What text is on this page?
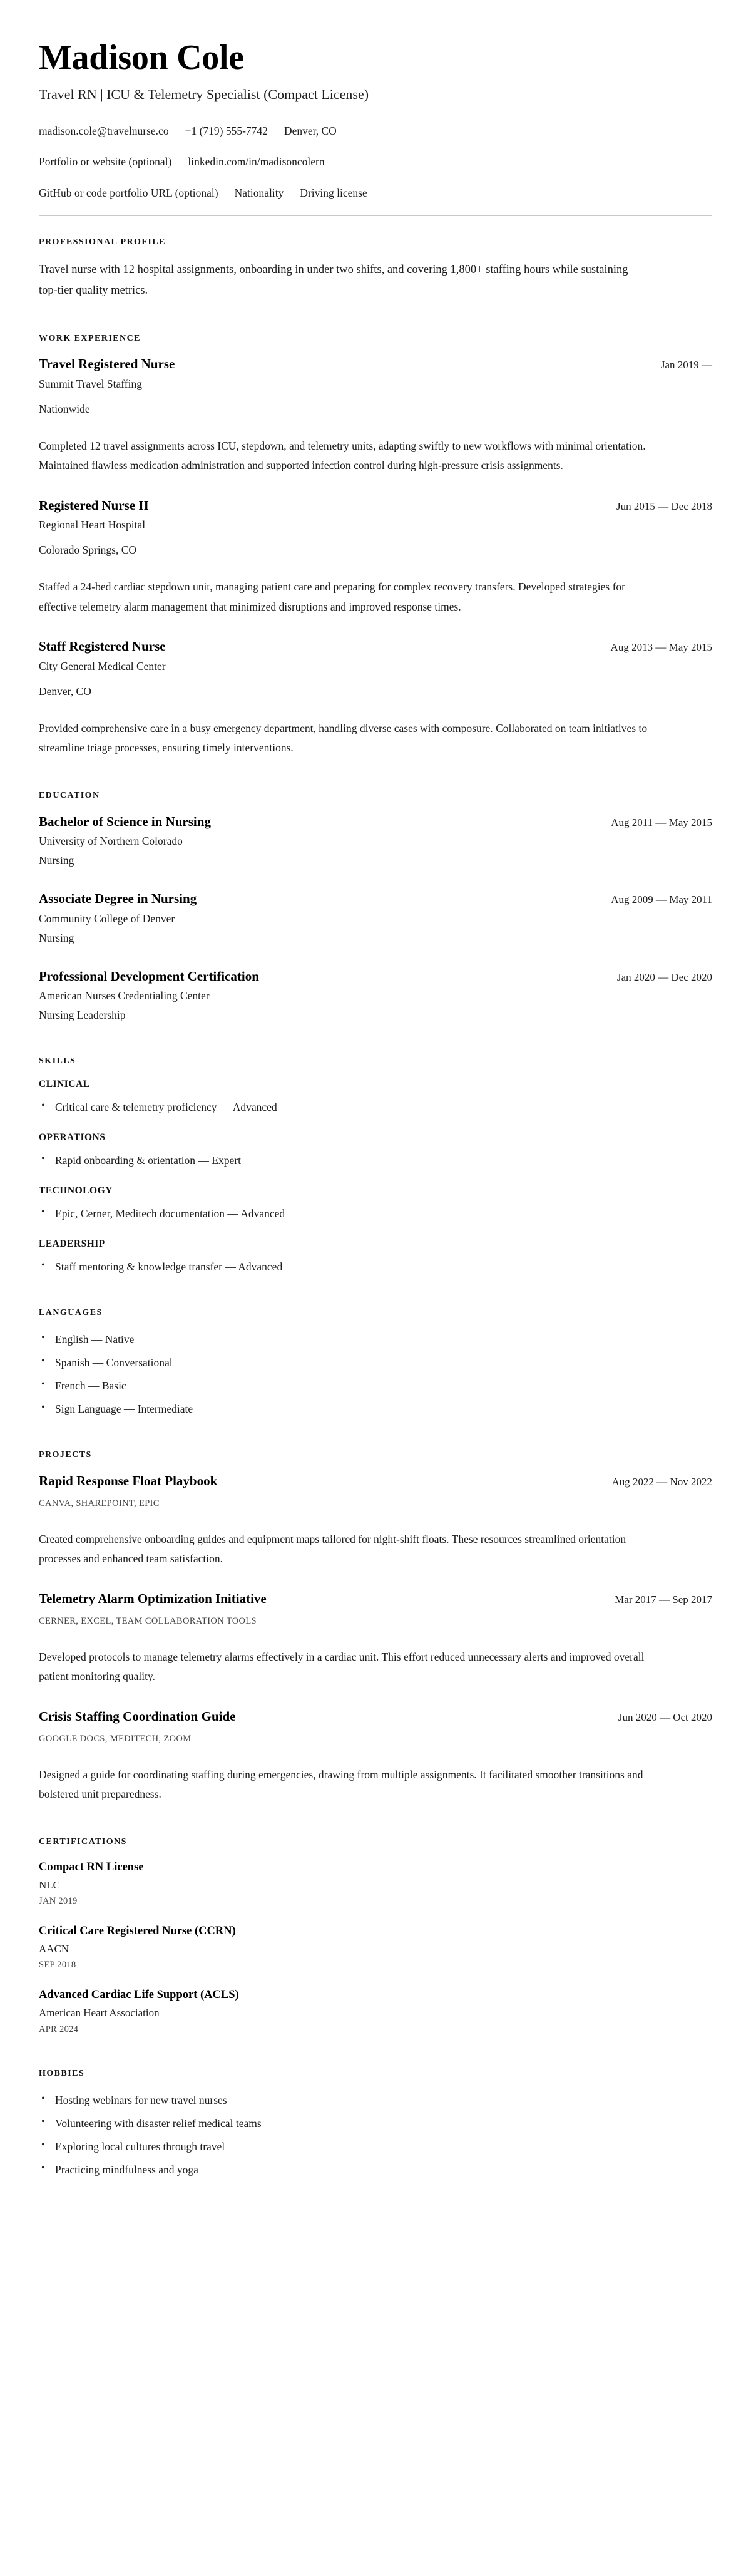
Madison Cole
Travel RN | ICU & Telemetry Specialist (Compact License)
madison.cole@travelnurse.co +1 (719) 555-7742 Denver, CO
Portfolio or website (optional) linkedin.com/in/madisoncolern
GitHub or code portfolio URL (optional) Nationality Driving license
PROFESSIONAL PROFILE

Travel nurse with 12 hospital assignments, onboarding in under two shifts, and covering 1,800+ staffing hours while sustaining top-tier quality metrics.

WORK EXPERIENCE
Travel Registered Nurse	Jan 2019 —
Summit Travel Staffing
Nationwide

Completed 12 travel assignments across ICU, stepdown, and telemetry units, adapting swiftly to new workflows with minimal orientation. Maintained flawless medication administration and supported infection control during high-pressure crisis assignments.

Registered Nurse II	Jun 2015 — Dec 2018
Regional Heart Hospital
Colorado Springs, CO

Staffed a 24-bed cardiac stepdown unit, managing patient care and preparing for complex recovery transfers. Developed strategies for effective telemetry alarm management that minimized disruptions and improved response times.

Staff Registered Nurse	Aug 2013 — May 2015
City General Medical Center
Denver, CO

Provided comprehensive care in a busy emergency department, handling diverse cases with composure. Collaborated on team initiatives to streamline triage processes, ensuring timely interventions.

EDUCATION
Bachelor of Science in Nursing	Aug 2011 — May 2015
University of Northern Colorado
Nursing
Associate Degree in Nursing	Aug 2009 — May 2011
Community College of Denver
Nursing
Professional Development Certification	Jan 2020 — Dec 2020
American Nurses Credentialing Center
Nursing Leadership
SKILLS
CLINICAL
• Critical care & telemetry proficiency — Advanced
OPERATIONS
• Rapid onboarding & orientation — Expert
TECHNOLOGY
• Epic, Cerner, Meditech documentation — Advanced
LEADERSHIP
• Staff mentoring & knowledge transfer — Advanced
LANGUAGES
• English — Native
• Spanish — Conversational
• French — Basic
• Sign Language — Intermediate
PROJECTS
Rapid Response Float Playbook	Aug 2022 — Nov 2022
CANVA, SHAREPOINT, EPIC

Created comprehensive onboarding guides and equipment maps tailored for night-shift floats. These resources streamlined orientation processes and enhanced team satisfaction.

Telemetry Alarm Optimization Initiative	Mar 2017 — Sep 2017
CERNER, EXCEL, TEAM COLLABORATION TOOLS

Developed protocols to manage telemetry alarms effectively in a cardiac unit. This effort reduced unnecessary alerts and improved overall patient monitoring quality.

Crisis Staffing Coordination Guide	Jun 2020 — Oct 2020
GOOGLE DOCS, MEDITECH, ZOOM

Designed a guide for coordinating staffing during emergencies, drawing from multiple assignments. It facilitated smoother transitions and bolstered unit preparedness.

CERTIFICATIONS
Compact RN License
NLC
JAN 2019
Critical Care Registered Nurse (CCRN)
AACN
SEP 2018
Advanced Cardiac Life Support (ACLS)
American Heart Association
APR 2024
HOBBIES
• Hosting webinars for new travel nurses
• Volunteering with disaster relief medical teams
• Exploring local cultures through travel
• Practicing mindfulness and yoga
